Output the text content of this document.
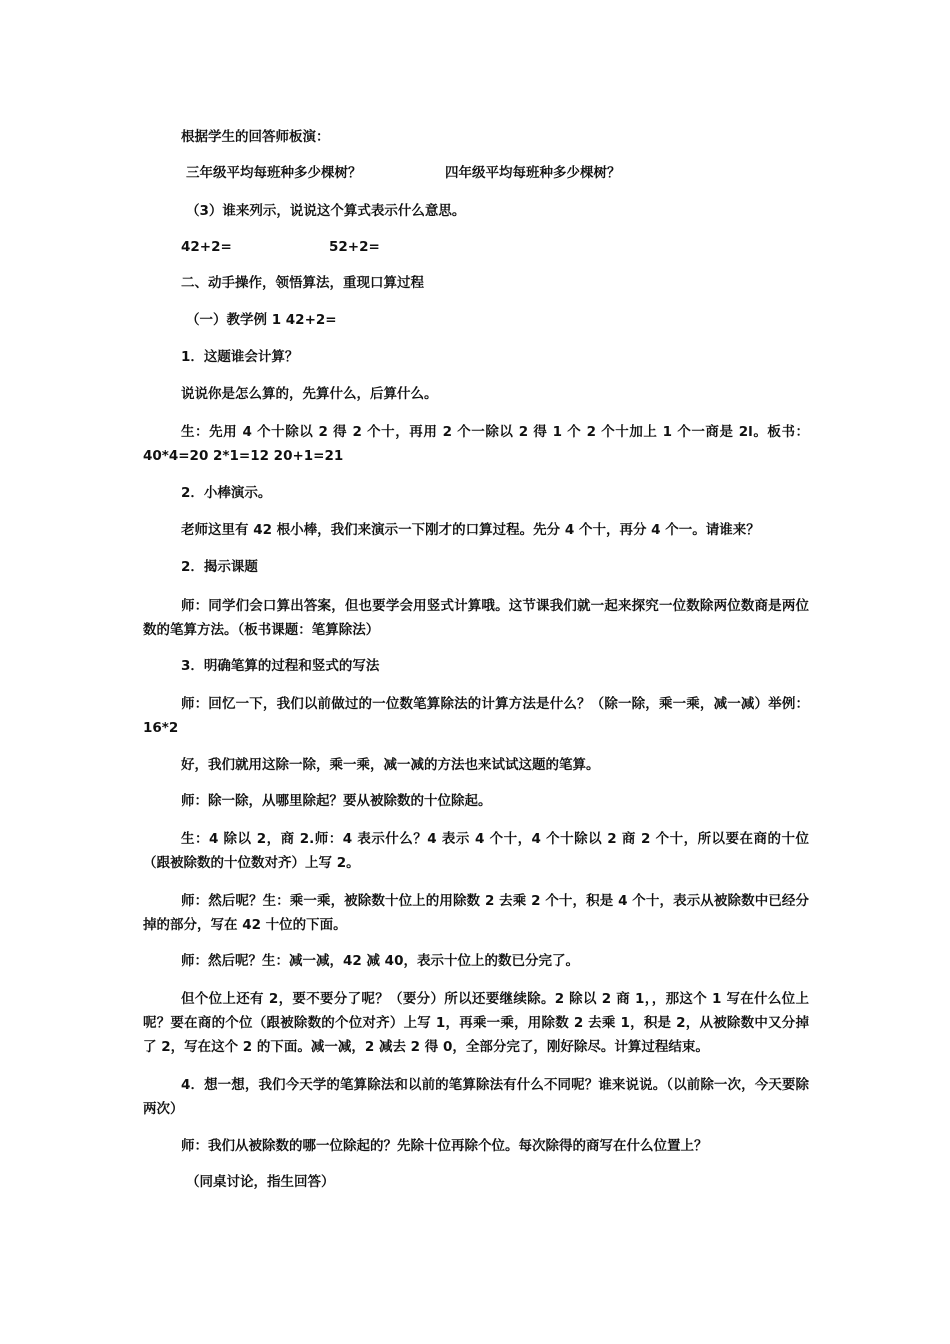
根据学生的回答师板演：
三年级平均每班种多少棵树？	四年级平均每班种多少棵树？
（3）谁来列示，说说这个算式表示什么意思。
42+2=	52+2=
二、动手操作，领悟算法，重现口算过程
（一）教学例 1 42+2=
1．这题谁会计算？
说说你是怎么算的，先算什么，后算什么。
生：先用 4 个十除以 2 得 2 个十，再用 2 个一除以 2 得 1 个 2 个十加上 1 个一商是 2l。板书：40*4=20 2*1=12 20+1=21
2．小棒演示。
老师这里有 42 根小棒，我们来演示一下刚才的口算过程。先分 4 个十，再分 4 个一。请谁来？
2．揭示课题
师：同学们会口算出答案，但也要学会用竖式计算哦。这节课我们就一起来探究一位数除两位数商是两位数的笔算方法。（板书课题：笔算除法）
3．明确笔算的过程和竖式的写法
师：回忆一下，我们以前做过的一位数笔算除法的计算方法是什么？（除一除，乘一乘，减一减）举例：16*2
好，我们就用这除一除，乘一乘，减一减的方法也来试试这题的笔算。
师：除一除，从哪里除起？要从被除数的十位除起。
生：4 除以 2，商 2.师：4 表示什么？4 表示 4 个十，4 个十除以 2 商 2 个十，所以要在商的十位（跟被除数的十位数对齐）上写 2。
师：然后呢？生：乘一乘，被除数十位上的用除数 2 去乘 2 个十，积是 4 个十，表示从被除数中已经分掉的部分，写在 42 十位的下面。
师：然后呢？生：减一减，42 减 40，表示十位上的数已分完了。
但个位上还有 2，要不要分了呢？（要分）所以还要继续除。2 除以 2 商 1，，那这个 1 写在什么位上呢？要在商的个位（跟被除数的个位对齐）上写 1，再乘一乘，用除数 2 去乘 1，积是 2，从被除数中又分掉了 2，写在这个 2 的下面。减一减，2 减去 2 得 0，全部分完了，刚好除尽。计算过程结束。
4．想一想，我们今天学的笔算除法和以前的笔算除法有什么不同呢？谁来说说。（以前除一次，今天要除两次）
师：我们从被除数的哪一位除起的？先除十位再除个位。每次除得的商写在什么位置上？
（同桌讨论，指生回答）
